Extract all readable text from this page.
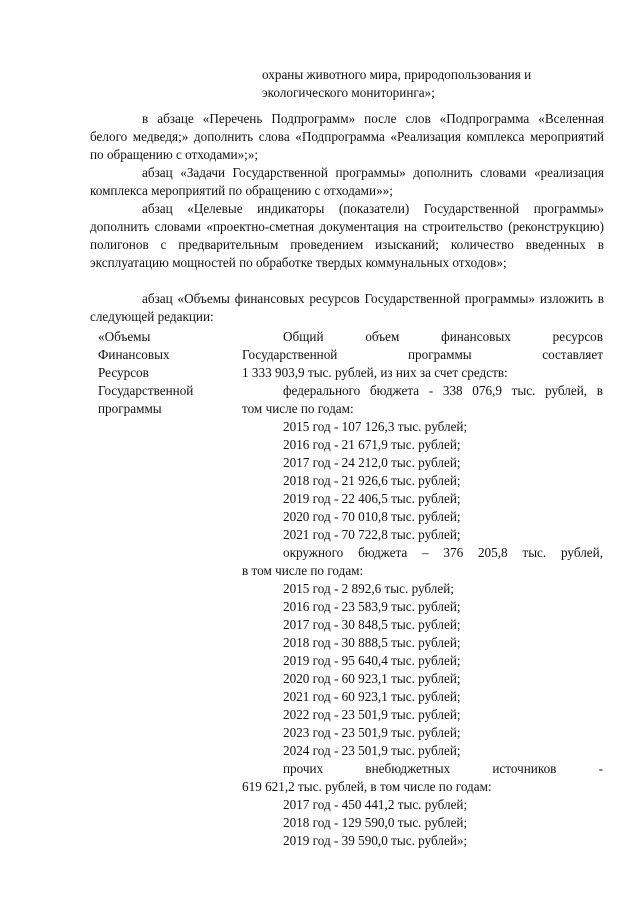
охраны животного мира, природопользования и
экологического мониторинга»;
в абзаце «Перечень Подпрограмм» после слов «Подпрограмма «Вселенная белого медведя;» дополнить слова «Подпрограмма «Реализация комплекса мероприятий по обращению с отходами»;»;
абзац «Задачи Государственной программы» дополнить словами «реализация комплекса мероприятий по обращению с отходами»»;
абзац «Целевые индикаторы (показатели) Государственной программы» дополнить словами «проектно-сметная документация на строительство (реконструкцию) полигонов с предварительным проведением изысканий; количество введенных в эксплуатацию мощностей по обработке твердых коммунальных отходов»;
абзац «Объемы финансовых ресурсов Государственной программы» изложить в следующей редакции:
«Объемы
Финансовых
Ресурсов
Государственной
программы
Общий объем финансовых ресурсов
Государственной программы составляет
1 333 903,9 тыс. рублей, из них за счет средств:
федерального бюджета - 338 076,9 тыс. рублей, в
том числе по годам:
2015 год - 107 126,3 тыс. рублей;
2016 год - 21 671,9 тыс. рублей;
2017 год - 24 212,0 тыс. рублей;
2018 год - 21 926,6 тыс. рублей;
2019 год - 22 406,5 тыс. рублей;
2020 год - 70 010,8 тыс. рублей;
2021 год - 70 722,8 тыс. рублей;
окружного бюджета – 376 205,8 тыс. рублей,
в том числе по годам:
2015 год - 2 892,6 тыс. рублей;
2016 год - 23 583,9 тыс. рублей;
2017 год - 30 848,5 тыс. рублей;
2018 год - 30 888,5 тыс. рублей;
2019 год - 95 640,4 тыс. рублей;
2020 год - 60 923,1 тыс. рублей;
2021 год - 60 923,1 тыс. рублей;
2022 год - 23 501,9 тыс. рублей;
2023 год - 23 501,9 тыс. рублей;
2024 год - 23 501,9 тыс. рублей;
прочих внебюджетных источников -
619 621,2 тыс. рублей, в том числе по годам:
2017 год - 450 441,2 тыс. рублей;
2018 год - 129 590,0 тыс. рублей;
2019 год - 39 590,0 тыс. рублей»;
